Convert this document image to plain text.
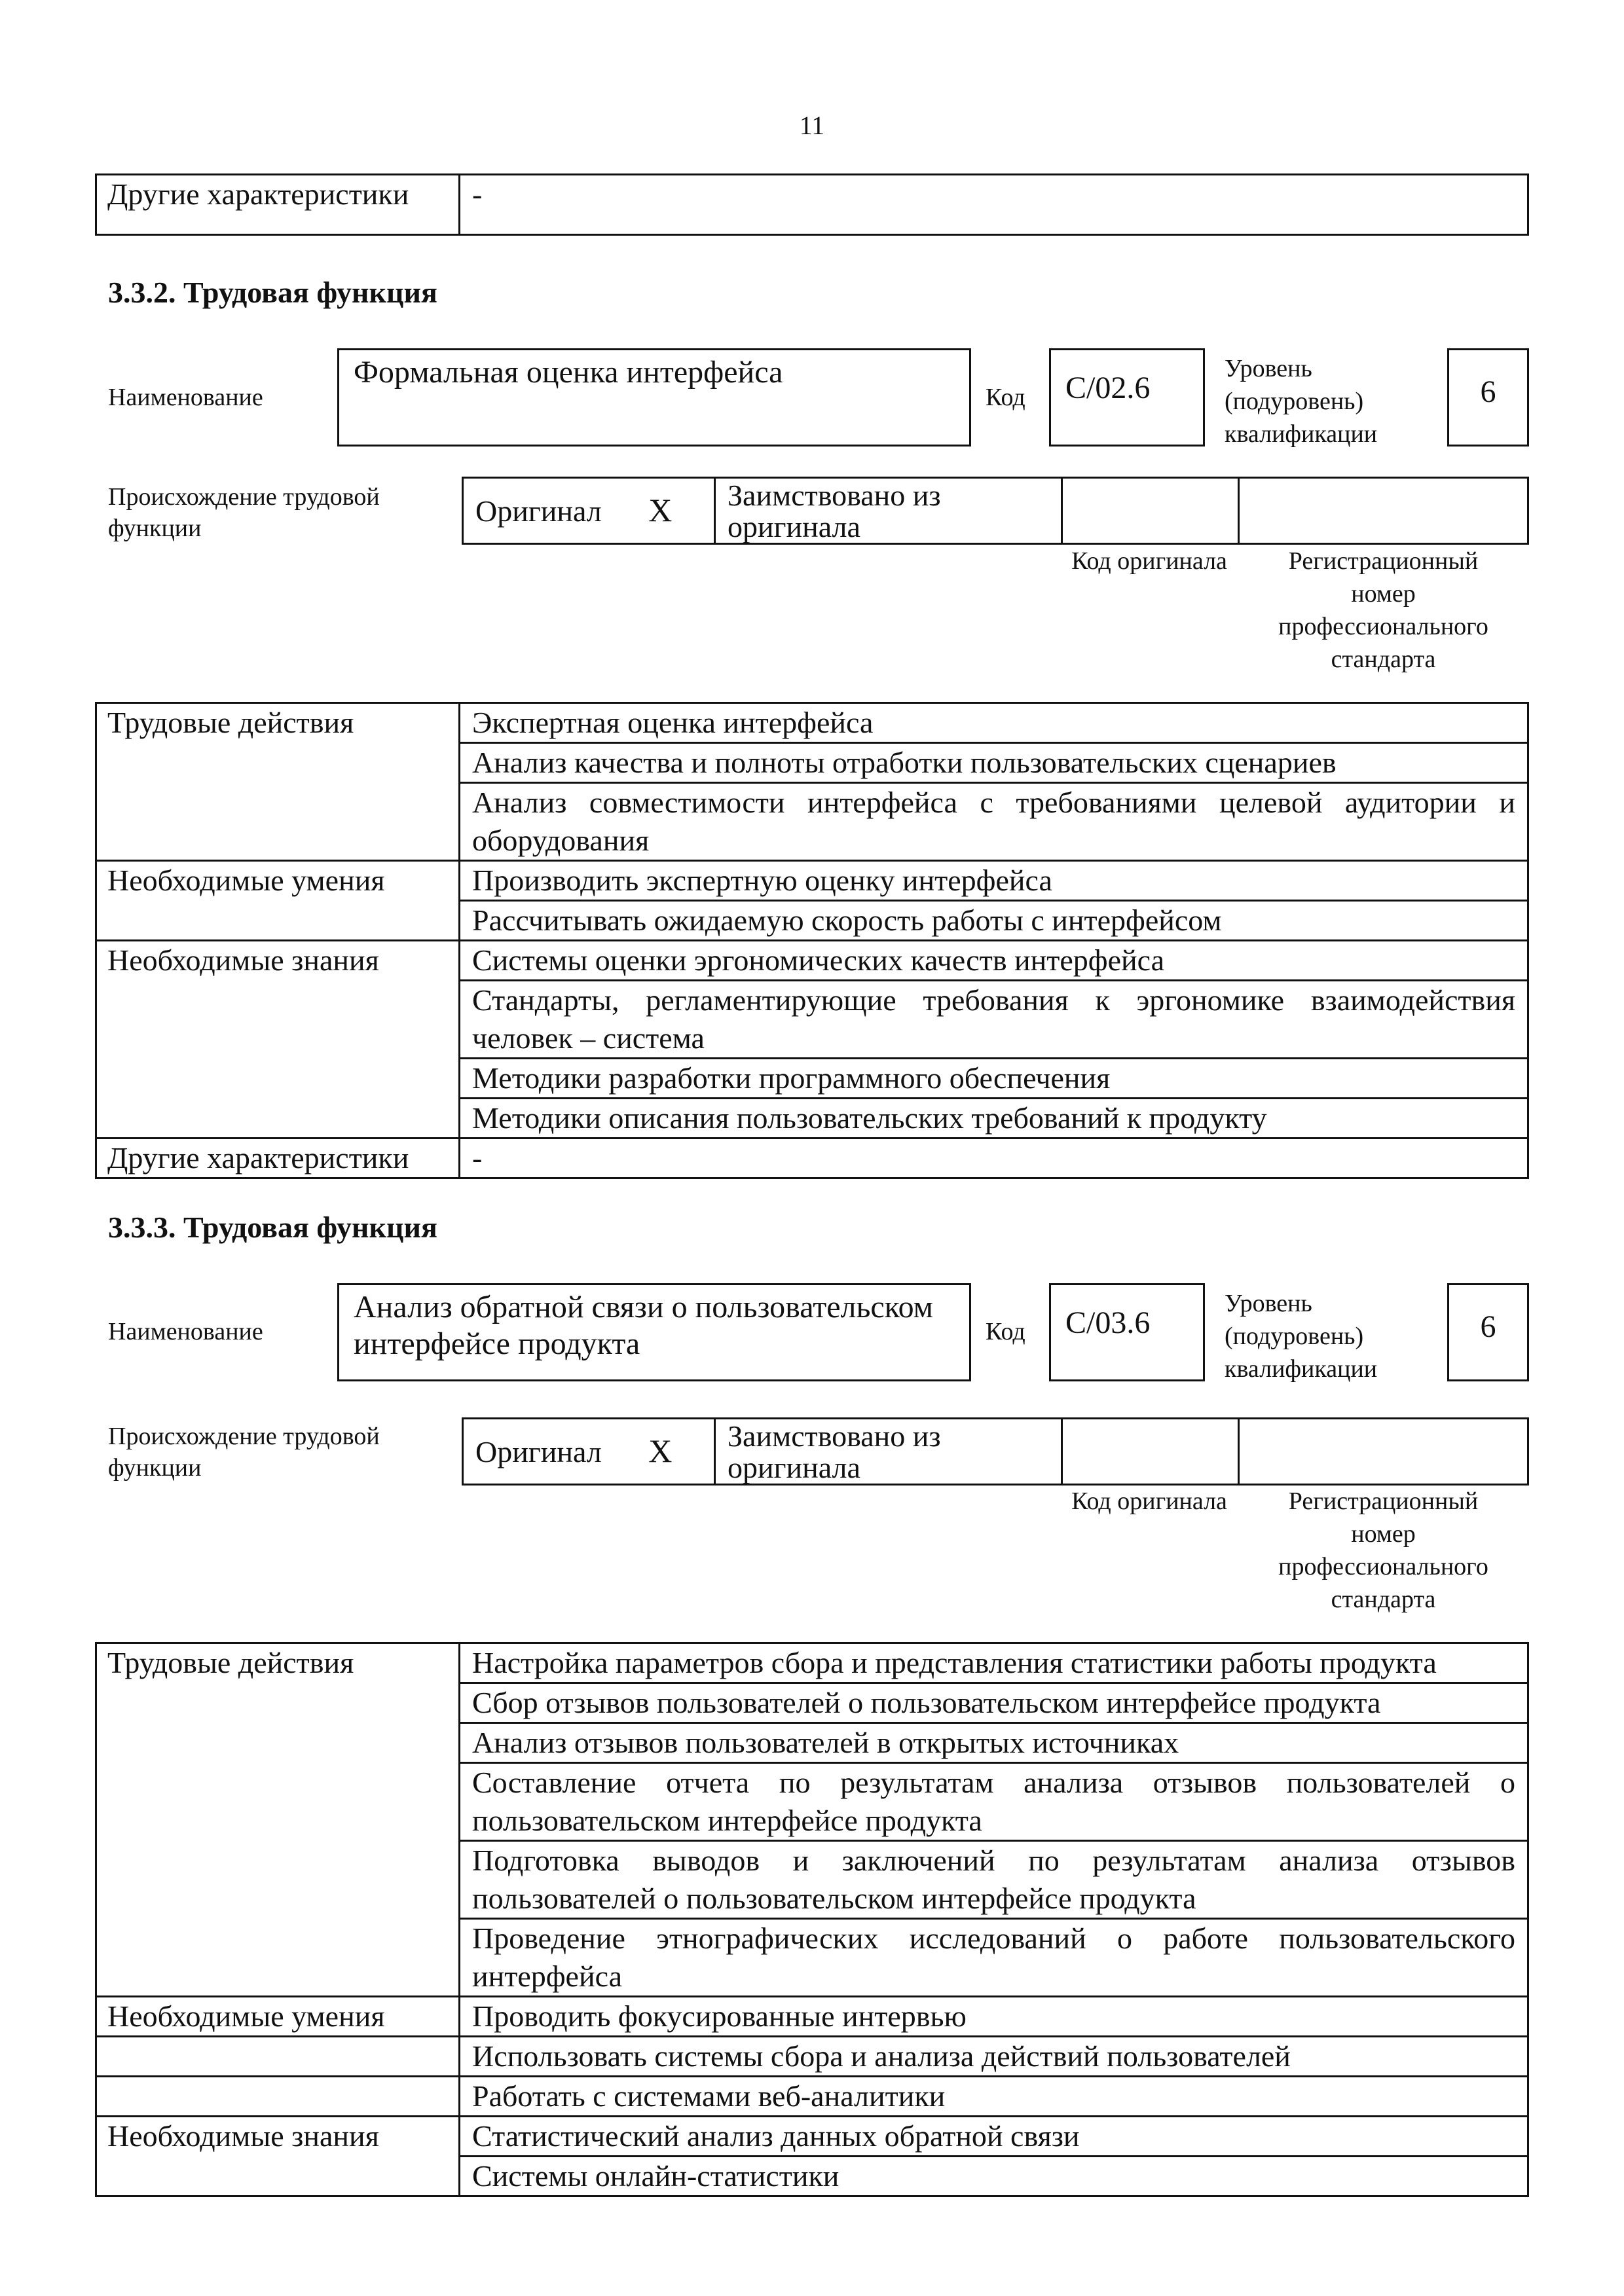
11
Другие характеристики	-
3.3.2. Трудовая функция
Наименование
Формальная оценка интерфейса
Код	С/02.6
Уровень (подуровень) квалификации
6
Происхождение трудовой функции
Оригинал X	Заимствовано из оригинала		
Код оригинала	Регистрационный номер профессионального стандарта
Трудовые действия	Экспертная оценка интерфейса
	Анализ качества и полноты отработки пользовательских сценариев
	Анализ совместимости интерфейса с требованиями целевой аудитории и оборудования
Необходимые умения	Производить экспертную оценку интерфейса
	Рассчитывать ожидаемую скорость работы с интерфейсом
Необходимые знания	Системы оценки эргономических качеств интерфейса
	Стандарты, регламентирующие требования к эргономике взаимодействия человек – система
	Методики разработки программного обеспечения
	Методики описания пользовательских требований к продукту
Другие характеристики	-
3.3.3. Трудовая функция
Наименование
Анализ обратной связи о пользовательском интерфейсе продукта	Код	С/03.6
Уровень (подуровень) квалификации
6
Происхождение трудовой функции	Оригинал X	Заимствовано из оригинала		
Код оригинала	Регистрационный номер профессионального стандарта
Трудовые действия	Настройка параметров сбора и представления статистики работы продукта
	Сбор отзывов пользователей о пользовательском интерфейсе продукта
	Анализ отзывов пользователей в открытых источниках
	Составление отчета по результатам анализа отзывов пользователей о пользовательском интерфейсе продукта
	Подготовка выводов и заключений по результатам анализа отзывов пользователей о пользовательском интерфейсе продукта
	Проведение этнографических исследований о работе пользовательского интерфейса
Необходимые умения	Проводить фокусированные интервью
	Использовать системы сбора и анализа действий пользователей
	Работать с системами веб-аналитики
Необходимые знания	Статистический анализ данных обратной связи
	Системы онлайн-статистики
